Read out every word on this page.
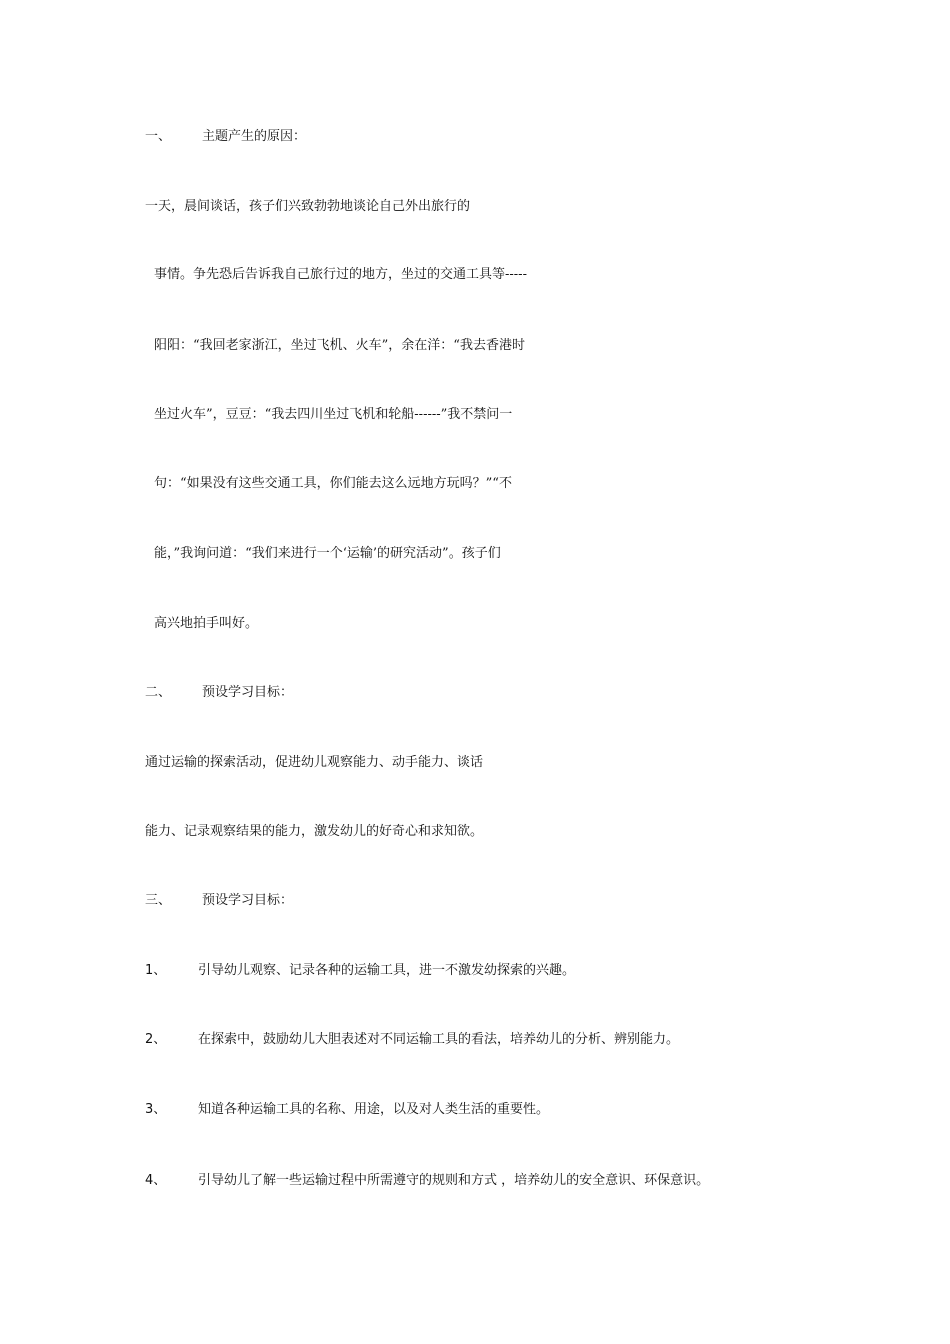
一、 主题产生的原因：
一天，晨间谈话，孩子们兴致勃勃地谈论自己外出旅行的
事情。争先恐后告诉我自己旅行过的地方，坐过的交通工具等-----
阳阳：“我回老家浙江，坐过飞机、火车”，余在洋：“我去香港时
坐过火车”，豆豆：“我去四川坐过飞机和轮船------”我不禁问一
句：“如果没有这些交通工具，你们能去这么远地方玩吗？”“不
能，”我询问道：“我们来进行一个‘运输’的研究活动”。孩子们
高兴地拍手叫好。
二、 预设学习目标：
通过运输的探索活动，促进幼儿观察能力、动手能力、谈话
能力、记录观察结果的能力，激发幼儿的好奇心和求知欲。
三、 预设学习目标：
1、 引导幼儿观察、记录各种的运输工具，进一不激发幼探索的兴趣。
2、 在探索中，鼓励幼儿大胆表述对不同运输工具的看法，培养幼儿的分析、辨别能力。
3、 知道各种运输工具的名称、用途，以及对人类生活的重要性。
4、 引导幼儿了解一些运输过程中所需遵守的规则和方式 ，培养幼儿的安全意识、环保意识。
